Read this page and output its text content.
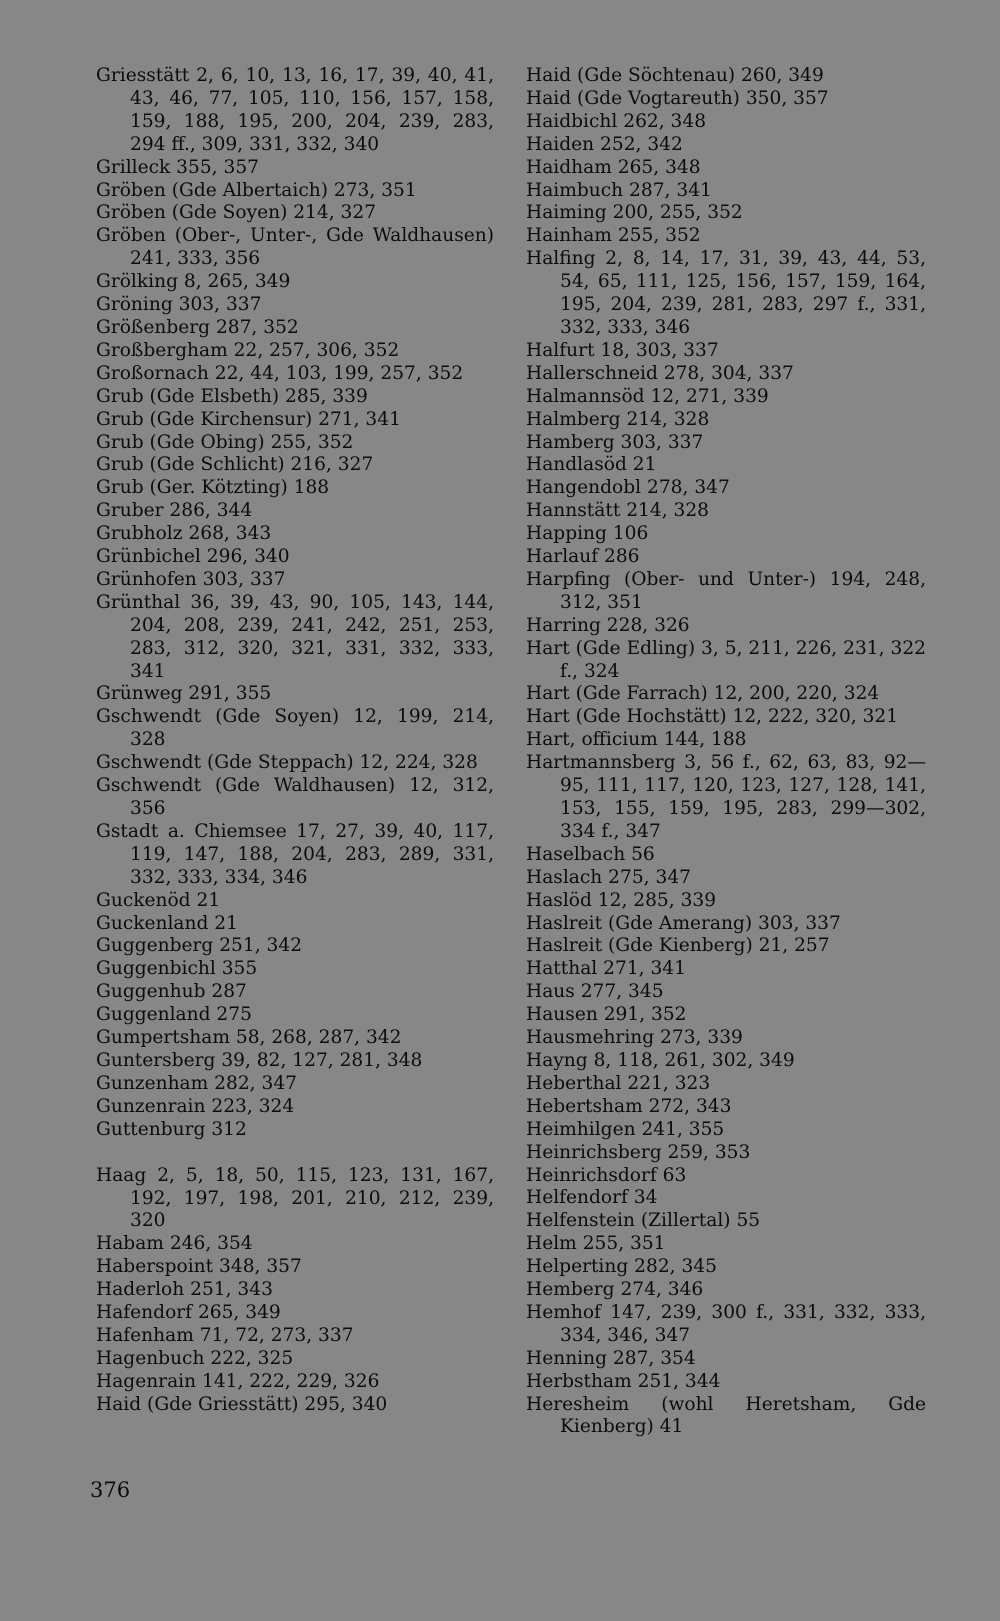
Griesstätt 2, 6, 10, 13, 16, 17, 39, 40, 41, 43, 46, 77, 105, 110, 156, 157, 158, 159, 188, 195, 200, 204, 239, 283, 294 ff., 309, 331, 332, 340
Grilleck 355, 357
Gröben (Gde Albertaich) 273, 351
Gröben (Gde Soyen) 214, 327
Gröben (Ober-, Unter-, Gde Waldhausen) 241, 333, 356
Grölking 8, 265, 349
Gröning 303, 337
Größenberg 287, 352
Großbergham 22, 257, 306, 352
Großornach 22, 44, 103, 199, 257, 352
Grub (Gde Elsbeth) 285, 339
Grub (Gde Kirchensur) 271, 341
Grub (Gde Obing) 255, 352
Grub (Gde Schlicht) 216, 327
Grub (Ger. Kötzting) 188
Gruber 286, 344
Grubholz 268, 343
Grünbichel 296, 340
Grünhofen 303, 337
Grünthal 36, 39, 43, 90, 105, 143, 144, 204, 208, 239, 241, 242, 251, 253, 283, 312, 320, 321, 331, 332, 333, 341
Grünweg 291, 355
Gschwendt (Gde Soyen) 12, 199, 214, 328
Gschwendt (Gde Steppach) 12, 224, 328
Gschwendt (Gde Waldhausen) 12, 312, 356
Gstadt a. Chiemsee 17, 27, 39, 40, 117, 119, 147, 188, 204, 283, 289, 331, 332, 333, 334, 346
Guckenöd 21
Guckenland 21
Guggenberg 251, 342
Guggenbichl 355
Guggenhub 287
Guggenland 275
Gumpertsham 58, 268, 287, 342
Guntersberg 39, 82, 127, 281, 348
Gunzenham 282, 347
Gunzenrain 223, 324
Guttenburg 312
Haag 2, 5, 18, 50, 115, 123, 131, 167, 192, 197, 198, 201, 210, 212, 239, 320
Habam 246, 354
Haberspoint 348, 357
Haderloh 251, 343
Hafendorf 265, 349
Hafenham 71, 72, 273, 337
Hagenbuch 222, 325
Hagenrain 141, 222, 229, 326
Haid (Gde Griesstätt) 295, 340
Haid (Gde Söchtenau) 260, 349
Haid (Gde Vogtareuth) 350, 357
Haidbichl 262, 348
Haiden 252, 342
Haidham 265, 348
Haimbuch 287, 341
Haiming 200, 255, 352
Hainham 255, 352
Halfing 2, 8, 14, 17, 31, 39, 43, 44, 53, 54, 65, 111, 125, 156, 157, 159, 164, 195, 204, 239, 281, 283, 297 f., 331, 332, 333, 346
Halfurt 18, 303, 337
Hallerschneid 278, 304, 337
Halmannsöd 12, 271, 339
Halmberg 214, 328
Hamberg 303, 337
Handlasöd 21
Hangendobl 278, 347
Hannstätt 214, 328
Happing 106
Harlauf 286
Harpfing (Ober- und Unter-) 194, 248, 312, 351
Harring 228, 326
Hart (Gde Edling) 3, 5, 211, 226, 231, 322 f., 324
Hart (Gde Farrach) 12, 200, 220, 324
Hart (Gde Hochstätt) 12, 222, 320, 321
Hart, officium 144, 188
Hartmannsberg 3, 56 f., 62, 63, 83, 92—95, 111, 117, 120, 123, 127, 128, 141, 153, 155, 159, 195, 283, 299—302, 334 f., 347
Haselbach 56
Haslach 275, 347
Haslöd 12, 285, 339
Haslreit (Gde Amerang) 303, 337
Haslreit (Gde Kienberg) 21, 257
Hatthal 271, 341
Haus 277, 345
Hausen 291, 352
Hausmehring 273, 339
Hayng 8, 118, 261, 302, 349
Heberthal 221, 323
Hebertsham 272, 343
Heimhilgen 241, 355
Heinrichsberg 259, 353
Heinrichsdorf 63
Helfendorf 34
Helfenstein (Zillertal) 55
Helm 255, 351
Helperting 282, 345
Hemberg 274, 346
Hemhof 147, 239, 300 f., 331, 332, 333, 334, 346, 347
Henning 287, 354
Herbstham 251, 344
Heresheim (wohl Heretsham, Gde Kienberg) 41
376
